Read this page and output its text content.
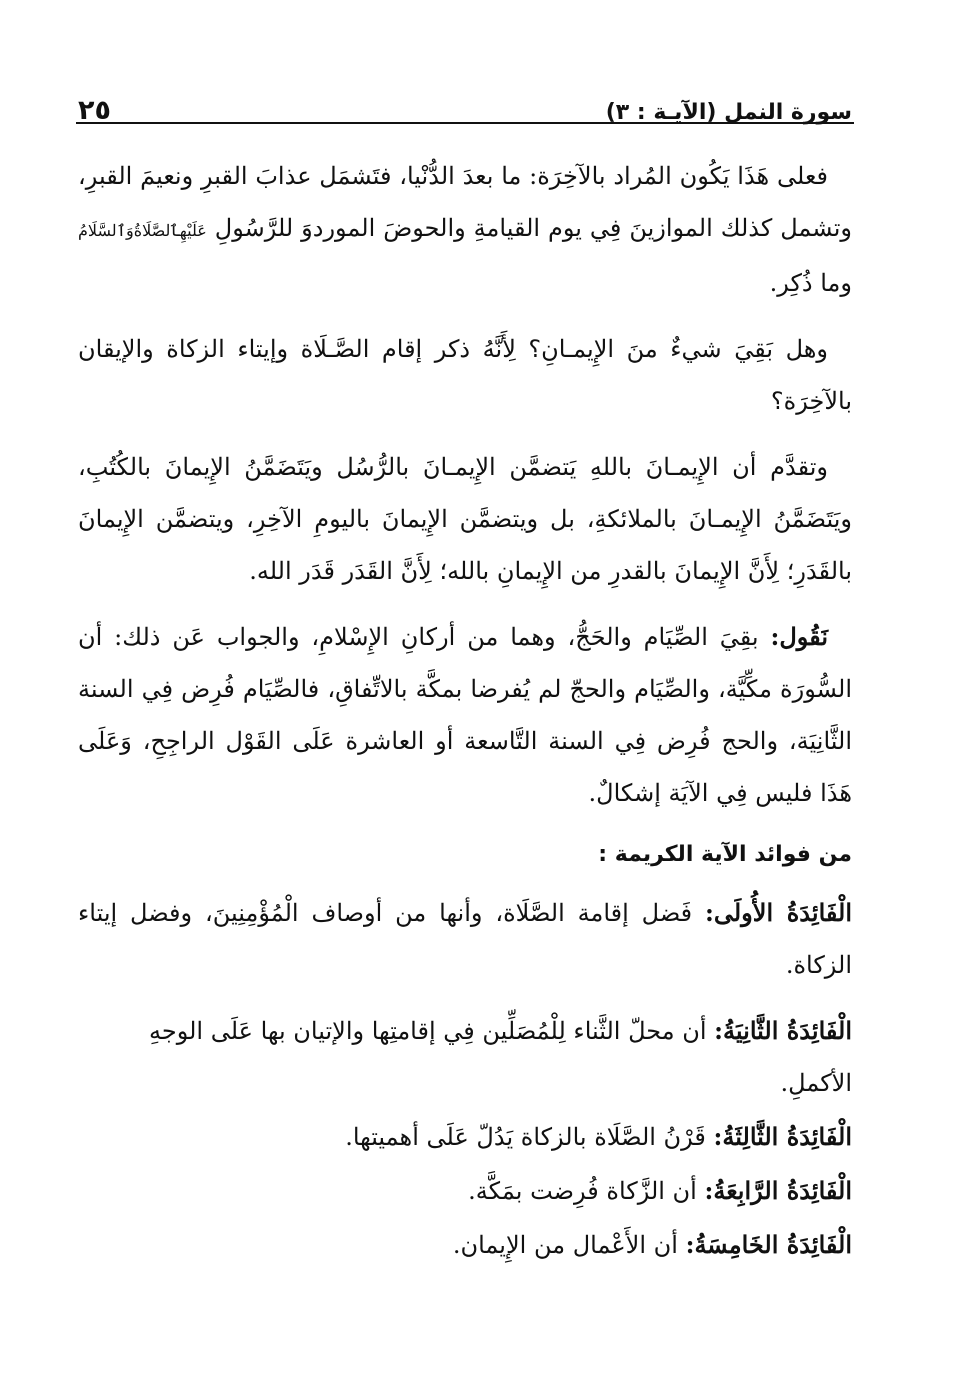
٢٥	سورة النمل (الآيـة : ٣)

فعلى هَذَا يَكُون المُراد بالآخِرَة: ما بعدَ الدُّنْيا، فتَشمَل عذابَ القبرِ ونعيمَ القبرِ، وتشمل كذلك الموازينَ فِي يوم القيامةِ والحوضَ الموردوَ للرَّسُولِ عَلَيْهِٱلصَّلَاةُوَٱلسَّلَامُ وما ذُكِر.

وهل بَقِيَ شيءٌ منَ الإِيمـانِ؟ لِأَنَّهُ ذكر إقام الصَّـلَاة وإيتاء الزكاة والإيقان بالآخِرَة؟

وتقدَّم أن الإِيمـانَ باللهِ يَتضمَّن الإِيمـانَ بالرُّسُل ويَتَضَمَّنُ الإِيمانَ بالكُتُبِ، ويَتَضَمَّنُ الإِيمـانَ بالملائكةِ، بل ويتضمَّن الإِيمانَ باليومِ الآخِرِ، ويتضمَّن الإِيمانَ بالقَدَرِ؛ لِأَنَّ الإِيمانَ بالقدرِ من الإِيمانِ بالله؛ لِأَنَّ القَدَر قَدَر الله.

نَقُول: بقِيَ الصِّيَام والحَجُّ، وهما من أركانِ الإِسْلامِ، والجواب عَن ذلك: أن السُّورَة مكِّيَّة، والصِّيَام والحجّ لم يُفرضا بمكَّة بالاتِّفاقِ، فالصِّيَام فُرِض فِي السنة الثَّانِيَة، والحج فُرِض فِي السنة التَّاسعة أو العاشرة عَلَى القَوْل الراجِحِ، وَعَلَى هَذَا فليس فِي الآيَة إشكالٌ.

من فوائد الآية الكريمة :

الْفَائِدَةُ الأُولَى: فَضل إقامة الصَّلَاة، وأنها من أوصاف الْمُؤْمِنِينَ، وفضل إيتاء الزكاة.

الْفَائِدَةُ الثَّانِيَةُ: أن محلّ الثَّناء لِلْمُصَلِّين فِي إقامتِها والإتيان بها عَلَى الوجهِ الأكملِ.

الْفَائِدَةُ الثَّالِثَةُ: قَرْنُ الصَّلَاة بالزكاة يَدُلّ عَلَى أهميتها.

الْفَائِدَةُ الرَّابِعَةُ: أن الزَّكاة فُرِضت بمَكَّة.

الْفَائِدَةُ الخَامِسَةُ: أن الأَعْمال من الإِيمان.
